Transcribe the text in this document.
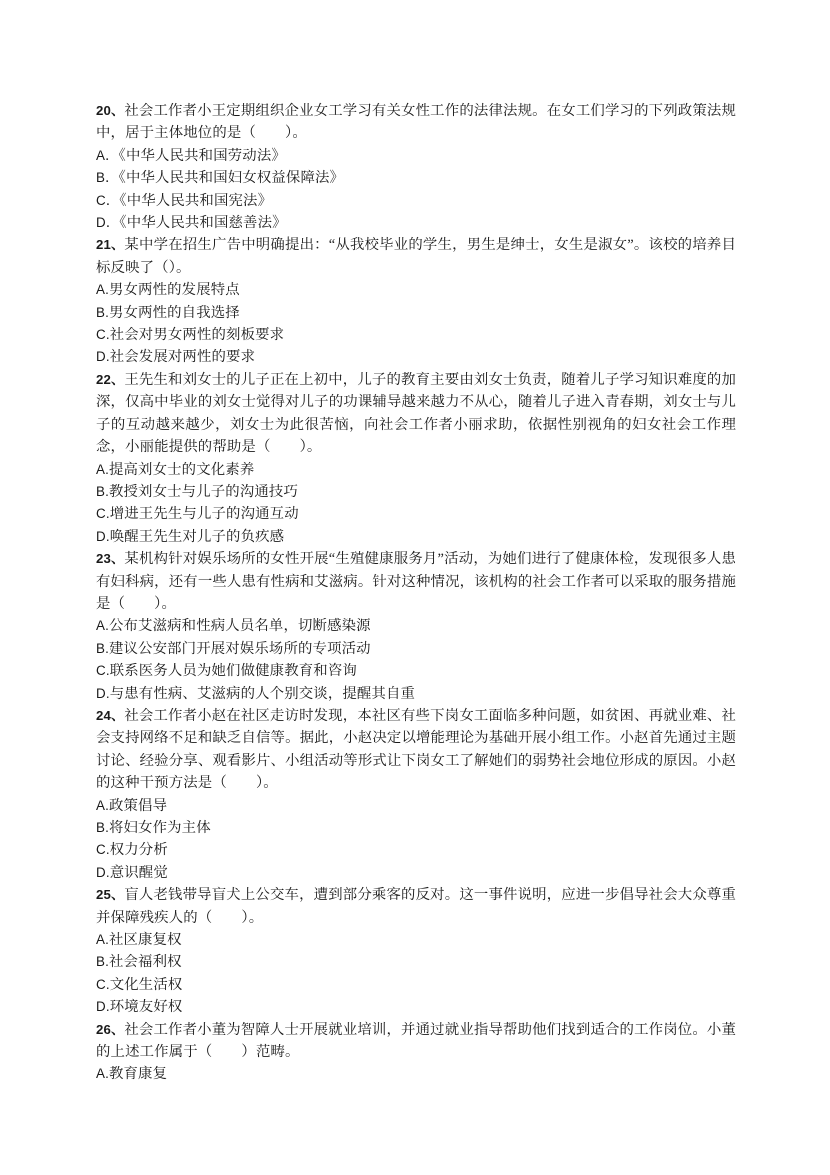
20、社会工作者小王定期组织企业女工学习有关女性工作的法律法规。在女工们学习的下列政策法规中，居于主体地位的是（　　）。

A．《中华人民共和国劳动法》
B．《中华人民共和国妇女权益保障法》
C．《中华人民共和国宪法》
D．《中华人民共和国慈善法》

21、某中学在招生广告中明确提出：“从我校毕业的学生，男生是绅士，女生是淑女”。该校的培养目标反映了（）。

A.男女两性的发展特点
B.男女两性的自我选择
C.社会对男女两性的刻板要求
D.社会发展对两性的要求

22、王先生和刘女士的儿子正在上初中，儿子的教育主要由刘女士负责，随着儿子学习知识难度的加深，仅高中毕业的刘女士觉得对儿子的功课辅导越来越力不从心，随着儿子进入青春期，刘女士与儿子的互动越来越少，刘女士为此很苦恼，向社会工作者小丽求助，依据性别视角的妇女社会工作理念，小丽能提供的帮助是（　　）。

A.提高刘女士的文化素养
B.教授刘女士与儿子的沟通技巧
C.增进王先生与儿子的沟通互动
D.唤醒王先生对儿子的负疚感

23、某机构针对娱乐场所的女性开展“生殖健康服务月”活动，为她们进行了健康体检，发现很多人患有妇科病，还有一些人患有性病和艾滋病。针对这种情况，该机构的社会工作者可以采取的服务措施是（　　）。

A.公布艾滋病和性病人员名单，切断感染源
B.建议公安部门开展对娱乐场所的专项活动
C.联系医务人员为她们做健康教育和咨询
D.与患有性病、艾滋病的人个别交谈，提醒其自重

24、社会工作者小赵在社区走访时发现，本社区有些下岗女工面临多种问题，如贫困、再就业难、社会支持网络不足和缺乏自信等。据此，小赵决定以增能理论为基础开展小组工作。小赵首先通过主题讨论、经验分享、观看影片、小组活动等形式让下岗女工了解她们的弱势社会地位形成的原因。小赵的这种干预方法是（　　）。

A.政策倡导
B.将妇女作为主体
C.权力分析
D.意识醒觉

25、盲人老钱带导盲犬上公交车，遭到部分乘客的反对。这一事件说明，应进一步倡导社会大众尊重并保障残疾人的（　　）。

A.社区康复权
B.社会福利权
C.文化生活权
D.环境友好权

26、社会工作者小董为智障人士开展就业培训，并通过就业指导帮助他们找到适合的工作岗位。小董的上述工作属于（　　）范畴。

A.教育康复
